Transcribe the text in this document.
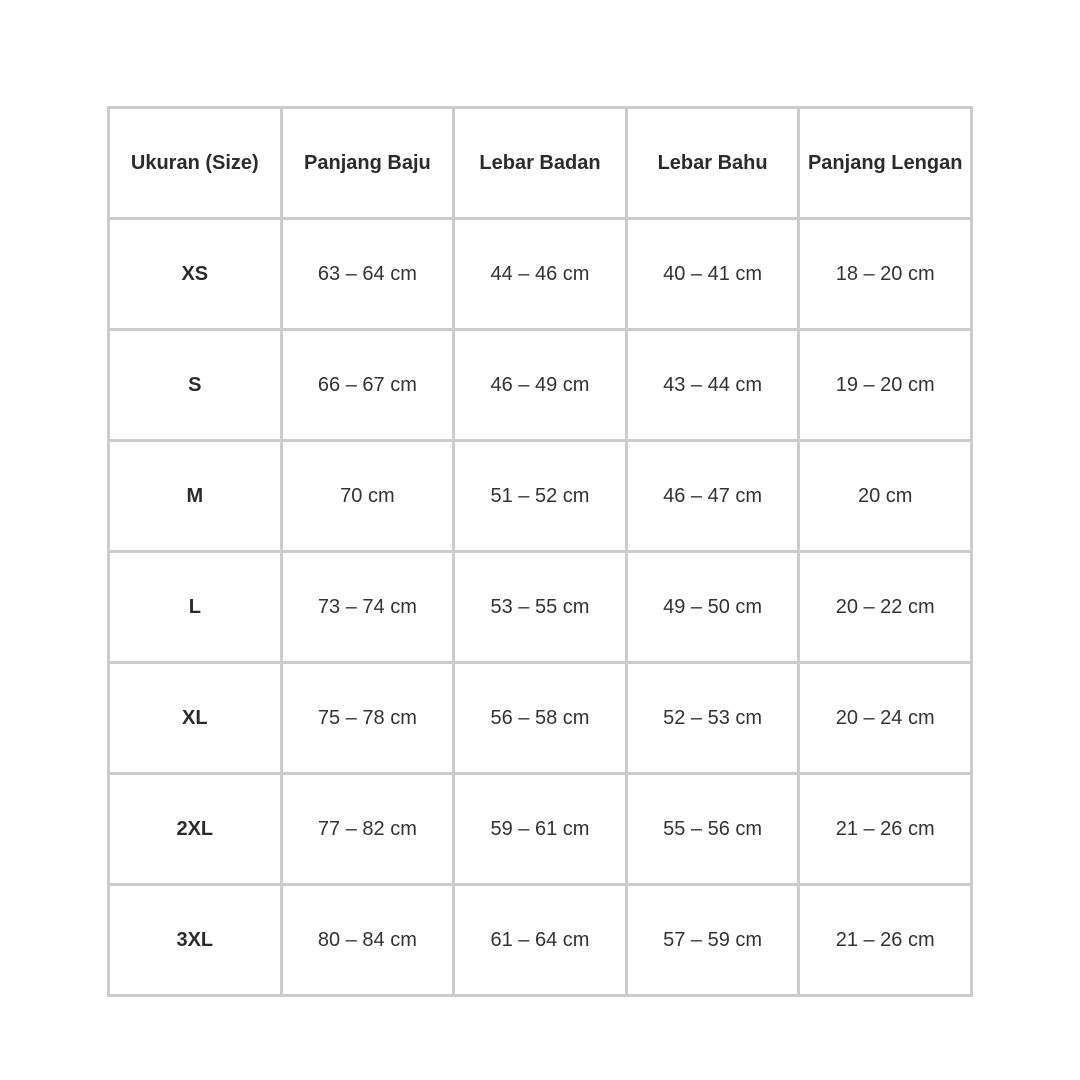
Ukuran (Size)	Panjang Baju	Lebar Badan	Lebar Bahu	Panjang Lengan
XS	63 – 64 cm	44 – 46 cm	40 – 41 cm	18 – 20 cm
S	66 – 67 cm	46 – 49 cm	43 – 44 cm	19 – 20 cm
M	70 cm	51 – 52 cm	46 – 47 cm	20 cm
L	73 – 74 cm	53 – 55 cm	49 – 50 cm	20 – 22 cm
XL	75 – 78 cm	56 – 58 cm	52 – 53 cm	20 – 24 cm
2XL	77 – 82 cm	59 – 61 cm	55 – 56 cm	21 – 26 cm
3XL	80 – 84 cm	61 – 64 cm	57 – 59 cm	21 – 26 cm
